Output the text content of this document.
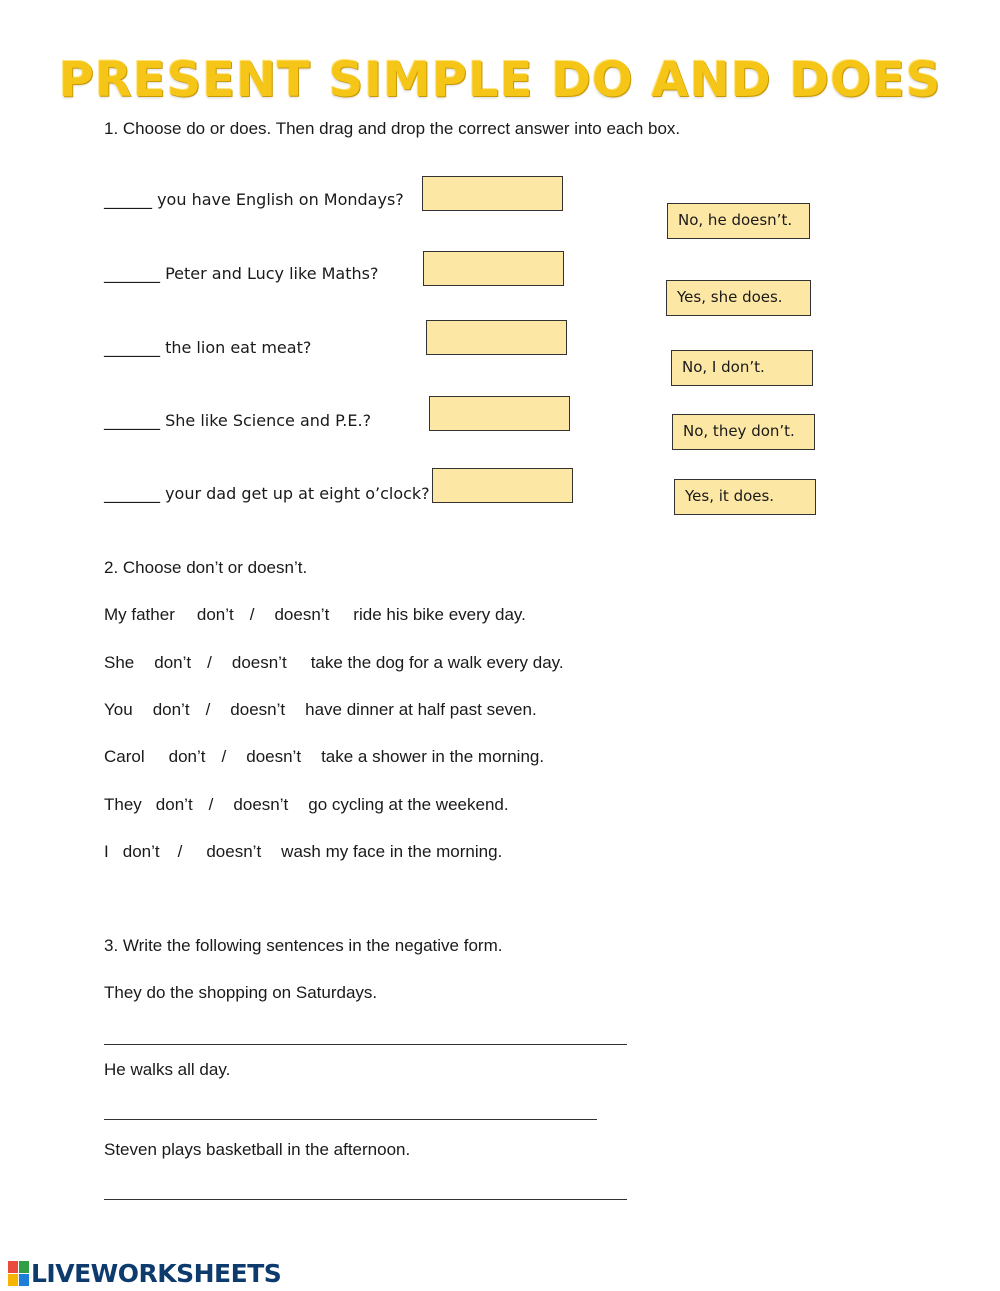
PRESENT SIMPLE DO AND DOES
1. Choose do or does. Then drag and drop the correct answer into each box.
______ you have English on Mondays?
_______ Peter and Lucy like Maths?
_______ the lion eat meat?
_______ She like Science and P.E.?
_______ your dad get up at eight o’clock?
No, he doesn’t.
Yes, she does.
No, I don’t.
No, they don’t.
Yes, it does.
2. Choose don’t or doesn’t.
My father don’t / doesn’t ride his bike every day.
She don’t / doesn’t take the dog for a walk every day.
You don’t / doesn’t have dinner at half past seven.
Carol don’t / doesn’t take a shower in the morning.
They don’t / doesn’t go cycling at the weekend.
I don’t / doesn’t wash my face in the morning.
3. Write the following sentences in the negative form.
They do the shopping on Saturdays.
He walks all day.
Steven plays basketball in the afternoon.
LIVEWORKSHEETS
